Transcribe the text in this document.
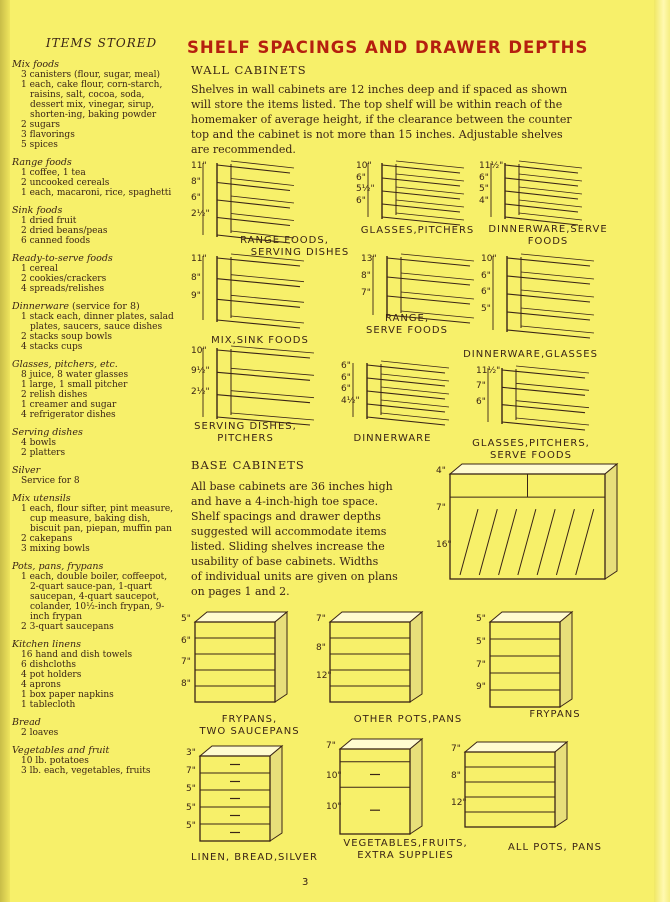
ITEMS STORED
Mix foods
3 canisters (flour, sugar, meal)
1 each, cake flour, corn-starch, raisins, salt, cocoa, soda, dessert mix, vinegar, sirup, shorten-ing, baking powder
2 sugars
3 flavorings
5 spices
Range foods
1 coffee, 1 tea
2 uncooked cereals
1 each, macaroni, rice, spaghetti
Sink foods
1 dried fruit
2 dried beans/peas
6 canned foods
Ready-to-serve foods
1 cereal
2 cookies/crackers
4 spreads/relishes
Dinnerware (service for 8)
1 stack each, dinner plates, salad plates, saucers, sauce dishes
2 stacks soup bowls
4 stacks cups
Glasses, pitchers, etc.
8 juice, 8 water glasses
1 large, 1 small pitcher
2 relish dishes
1 creamer and sugar
4 refrigerator dishes
Serving dishes
4 bowls
2 platters
Silver
Service for 8
Mix utensils
1 each, flour sifter, pint measure, cup measure, baking dish, biscuit pan, piepan, muffin pan
2 cakepans
3 mixing bowls
Pots, pans, frypans
1 each, double boiler, coffeepot, 2-quart sauce-pan, 1-quart saucepan, 4-quart saucepot, colander, 10½-inch frypan, 9-inch frypan
2 3-quart saucepans
Kitchen linens
16 hand and dish towels
6 dishcloths
4 pot holders
4 aprons
1 box paper napkins
1 tablecloth
Bread
2 loaves
Vegetables and fruit
10 lb. potatoes
3 lb. each, vegetables, fruits
SHELF SPACINGS AND DRAWER DEPTHS
WALL CABINETS
Shelves in wall cabinets are 12 inches deep and if spaced as shown
will store the items listed. The top shelf will be within reach of the
homemaker of average height, if the clearance between the counter
top and the cabinet is not more than 15 inches. Adjustable shelves
are recommended.
BASE CABINETS
All base cabinets are 36 inches high
and have a 4-inch-high toe space.
Shelf spacings and drawer depths
suggested will accommodate items
listed. Sliding shelves increase the
usability of base cabinets. Widths
of individual units are given on plans
on pages 1 and 2.
3
11"
8"
6"
2½"
RANGE FOODS,
10"
6"
5½"
6"
GLASSES,PITCHERS
11½"
6"
5"
4"
DINNERWARE,SERVE
FOODS
11"
8"
9"
SERVING DISHES
13"
8"
7"
RANGE,
SERVE FOODS
10"
6"
6"
5"
10"
9½"
2½"
MIX,SINK FOODS
SERVING DISHES,
PITCHERS
6"
6"
6"
4½"
DINNERWARE
11½"
7"
6"
DINNERWARE,GLASSES
GLASSES,PITCHERS,
SERVE FOODS
4"
7"
16"
5"
5"
7"
9"
FRYPANS
5"
6"
7"
8"
FRYPANS,
TWO SAUCEPANS
7"
8"
12"
OTHER POTS,PANS
3"
7"
5"
5"
5"
LINEN, BREAD,SILVER
7"
10"
10"
VEGETABLES,FRUITS,
EXTRA SUPPLIES
7"
8"
12"
ALL POTS, PANS
